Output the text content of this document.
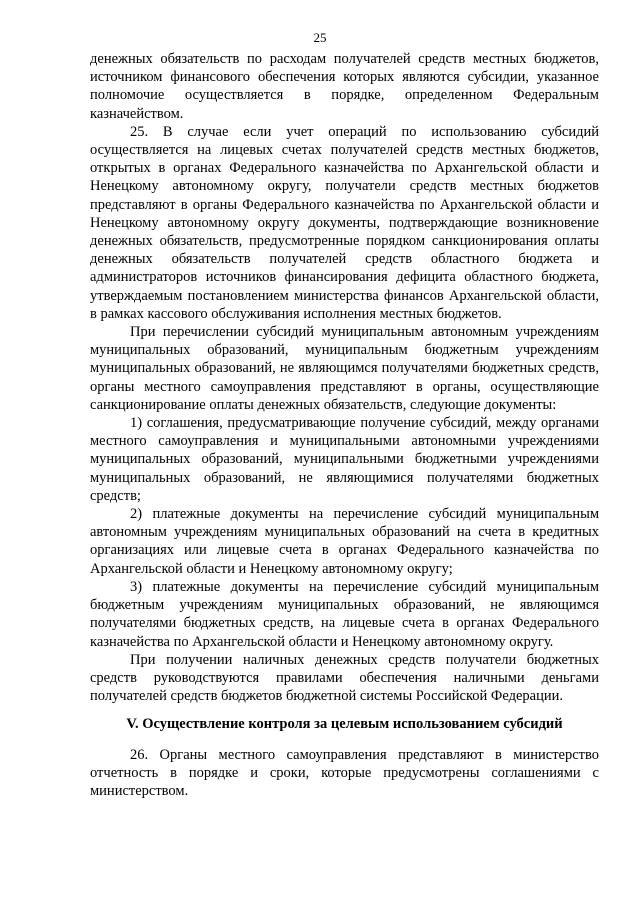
25

денежных обязательств по расходам получателей средств местных бюджетов, источником финансового обеспечения которых являются субсидии, указанное полномочие осуществляется в порядке, определенном Федеральным казначейством.

25. В случае если учет операций по использованию субсидий осуществляется на лицевых счетах получателей средств местных бюджетов, открытых в органах Федерального казначейства по Архангельской области и Ненецкому автономному округу, получатели средств местных бюджетов представляют в органы Федерального казначейства по Архангельской области и Ненецкому автономному округу документы, подтверждающие возникновение денежных обязательств, предусмотренные порядком санкционирования оплаты денежных обязательств получателей средств областного бюджета и администраторов источников финансирования дефицита областного бюджета, утверждаемым постановлением министерства финансов Архангельской области, в рамках кассового обслуживания исполнения местных бюджетов.

При перечислении субсидий муниципальным автономным учреждениям муниципальных образований, муниципальным бюджетным учреждениям муниципальных образований, не являющимся получателями бюджетных средств, органы местного самоуправления представляют в органы, осуществляющие санкционирование оплаты денежных обязательств, следующие документы:

1) соглашения, предусматривающие получение субсидий, между органами местного самоуправления и муниципальными автономными учреждениями муниципальных образований, муниципальными бюджетными учреждениями муниципальных образований, не являющимися получателями бюджетных средств;

2) платежные документы на перечисление субсидий муниципальным автономным учреждениям муниципальных образований на счета в кредитных организациях или лицевые счета в органах Федерального казначейства по Архангельской области и Ненецкому автономному округу;

3) платежные документы на перечисление субсидий муниципальным бюджетным учреждениям муниципальных образований, не являющимся получателями бюджетных средств, на лицевые счета в органах Федерального казначейства по Архангельской области и Ненецкому автономному округу.

При получении наличных денежных средств получатели бюджетных средств руководствуются правилами обеспечения наличными деньгами получателей средств бюджетов бюджетной системы Российской Федерации.

V. Осуществление контроля за целевым использованием субсидий

26. Органы местного самоуправления представляют в министерство отчетность в порядке и сроки, которые предусмотрены соглашениями с министерством.
